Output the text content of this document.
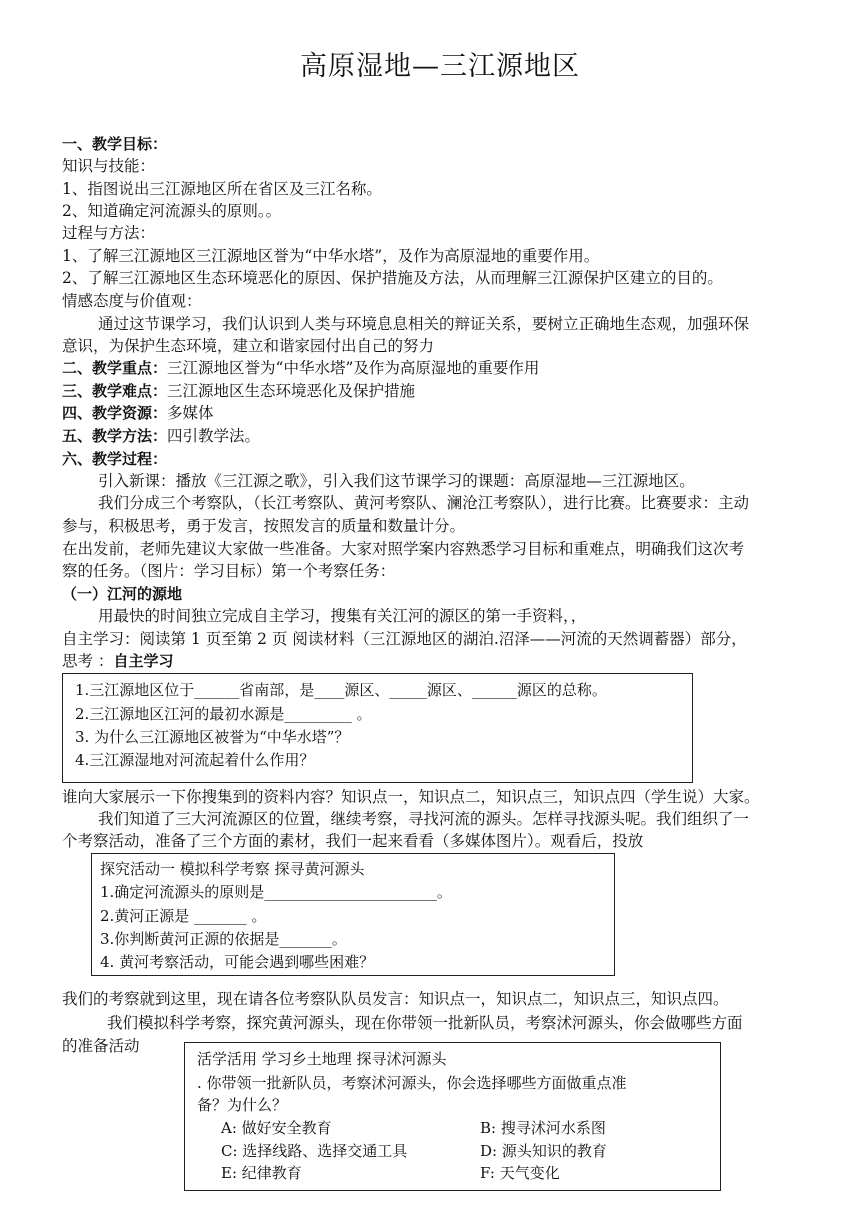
高原湿地—三江源地区
一、教学目标：
知识与技能：
1、指图说出三江源地区所在省区及三江名称。
2、知道确定河流源头的原则。。
过程与方法：
1、了解三江源地区三江源地区誉为“中华水塔”，及作为高原湿地的重要作用。
2、了解三江源地区生态环境恶化的原因、保护措施及方法，从而理解三江源保护区建立的目的。
情感态度与价值观：
通过这节课学习，我们认识到人类与环境息息相关的辩证关系，要树立正确地生态观，加强环保
意识，为保护生态环境，建立和谐家园付出自己的努力
二、教学重点：三江源地区誉为“中华水塔”及作为高原湿地的重要作用
三、教学难点：三江源地区生态环境恶化及保护措施
四、教学资源：多媒体
五、教学方法：四引教学法。
六、教学过程：
引入新课：播放《三江源之歌》，引入我们这节课学习的课题：高原湿地—三江源地区。
我们分成三个考察队，（长江考察队、黄河考察队、澜沧江考察队），进行比赛。比赛要求：主动
参与，积极思考，勇于发言，按照发言的质量和数量计分。
在出发前，老师先建议大家做一些准备。大家对照学案内容熟悉学习目标和重难点，明确我们这次考
察的任务。（图片：学习目标）第一个考察任务：
（一）江河的源地
用最快的时间独立完成自主学习，搜集有关江河的源区的第一手资料，，
自主学习：阅读第 1 页至第 2 页 阅读材料（三江源地区的湖泊.沼泽——河流的天然调蓄器）部分，
思考 ：自主学习
1.三江源地区位于______省南部，是____源区、_____源区、______源区的总称。
2.三江源地区江河的最初水源是_________ 。
3. 为什么三江源地区被誉为“中华水塔”？
4.三江源湿地对河流起着什么作用？
谁向大家展示一下你搜集到的资料内容？知识点一，知识点二，知识点三，知识点四（学生说）大家。
我们知道了三大河流源区的位置，继续考察，寻找河流的源头。怎样寻找源头呢。我们组织了一
个考察活动，准备了三个方面的素材，我们一起来看看（多媒体图片）。观看后，投放
探究活动一 模拟科学考察 探寻黄河源头
1.确定河流源头的原则是_______________________。
2.黄河正源是 _______ 。
3.你判断黄河正源的依据是_______。
4. 黄河考察活动，可能会遇到哪些困难？
我们的考察就到这里，现在请各位考察队队员发言：知识点一，知识点二，知识点三，知识点四。
我们模拟科学考察，探究黄河源头，现在你带领一批新队员，考察沭河源头，你会做哪些方面
的准备活动
活学活用 学习乡土地理 探寻沭河源头
. 你带领一批新队员，考察沭河源头，你会选择哪些方面做重点准
备？为什么？
A: 做好安全教育	B: 搜寻沭河水系图
C: 选择线路、选择交通工具	D: 源头知识的教育
E: 纪律教育	F: 天气变化
